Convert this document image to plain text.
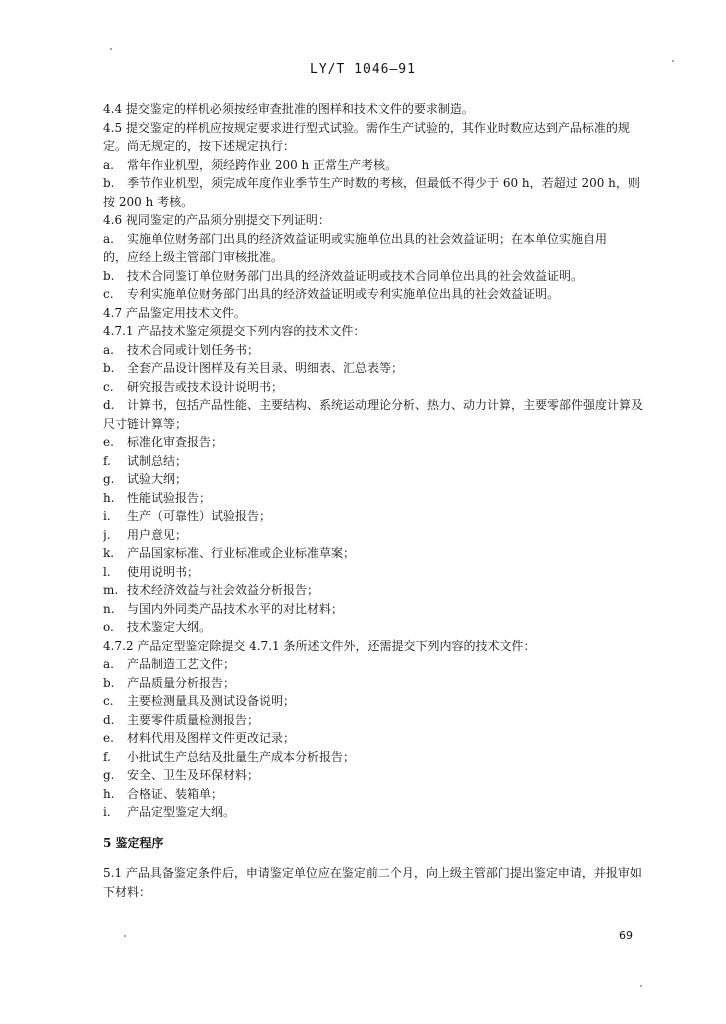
LY/T 1046—91
4.4 提交鉴定的样机必须按经审查批准的图样和技术文件的要求制造。
4.5 提交鉴定的样机应按规定要求进行型式试验。需作生产试验的，其作业时数应达到产品标准的规
定。尚无规定的，按下述规定执行：
a. 常年作业机型，须经跨作业 200 h 正常生产考核。
b. 季节作业机型，须完成年度作业季节生产时数的考核，但最低不得少于 60 h，若超过 200 h，则
按 200 h 考核。
4.6 视同鉴定的产品须分别提交下列证明：
a. 实施单位财务部门出具的经济效益证明或实施单位出具的社会效益证明；在本单位实施自用
的，应经上级主管部门审核批准。
b. 技术合同鉴订单位财务部门出具的经济效益证明或技术合同单位出具的社会效益证明。
c. 专利实施单位财务部门出具的经济效益证明或专利实施单位出具的社会效益证明。
4.7 产品鉴定用技术文件。
4.7.1 产品技术鉴定须提交下列内容的技术文件：
a. 技术合同或计划任务书；
b. 全套产品设计图样及有关目录、明细表、汇总表等；
c. 研究报告或技术设计说明书；
d. 计算书，包括产品性能、主要结构、系统运动理论分析、热力、动力计算，主要零部件强度计算及
尺寸链计算等；
e. 标准化审查报告；
f. 试制总结；
g. 试验大纲；
h. 性能试验报告；
i. 生产（可靠性）试验报告；
j. 用户意见；
k. 产品国家标准、行业标准或企业标准草案；
l. 使用说明书；
m. 技术经济效益与社会效益分析报告；
n. 与国内外同类产品技术水平的对比材料；
o. 技术鉴定大纲。
4.7.2 产品定型鉴定除提交 4.7.1 条所述文件外，还需提交下列内容的技术文件：
a. 产品制造工艺文件；
b. 产品质量分析报告；
c. 主要检测量具及测试设备说明；
d. 主要零件质量检测报告；
e. 材料代用及图样文件更改记录；
f. 小批试生产总结及批量生产成本分析报告；
g. 安全、卫生及环保材料；
h. 合格证、装箱单；
i. 产品定型鉴定大纲。
5 鉴定程序
5.1 产品具备鉴定条件后，申请鉴定单位应在鉴定前二个月，向上级主管部门提出鉴定申请，并报审如
下材料：
69
